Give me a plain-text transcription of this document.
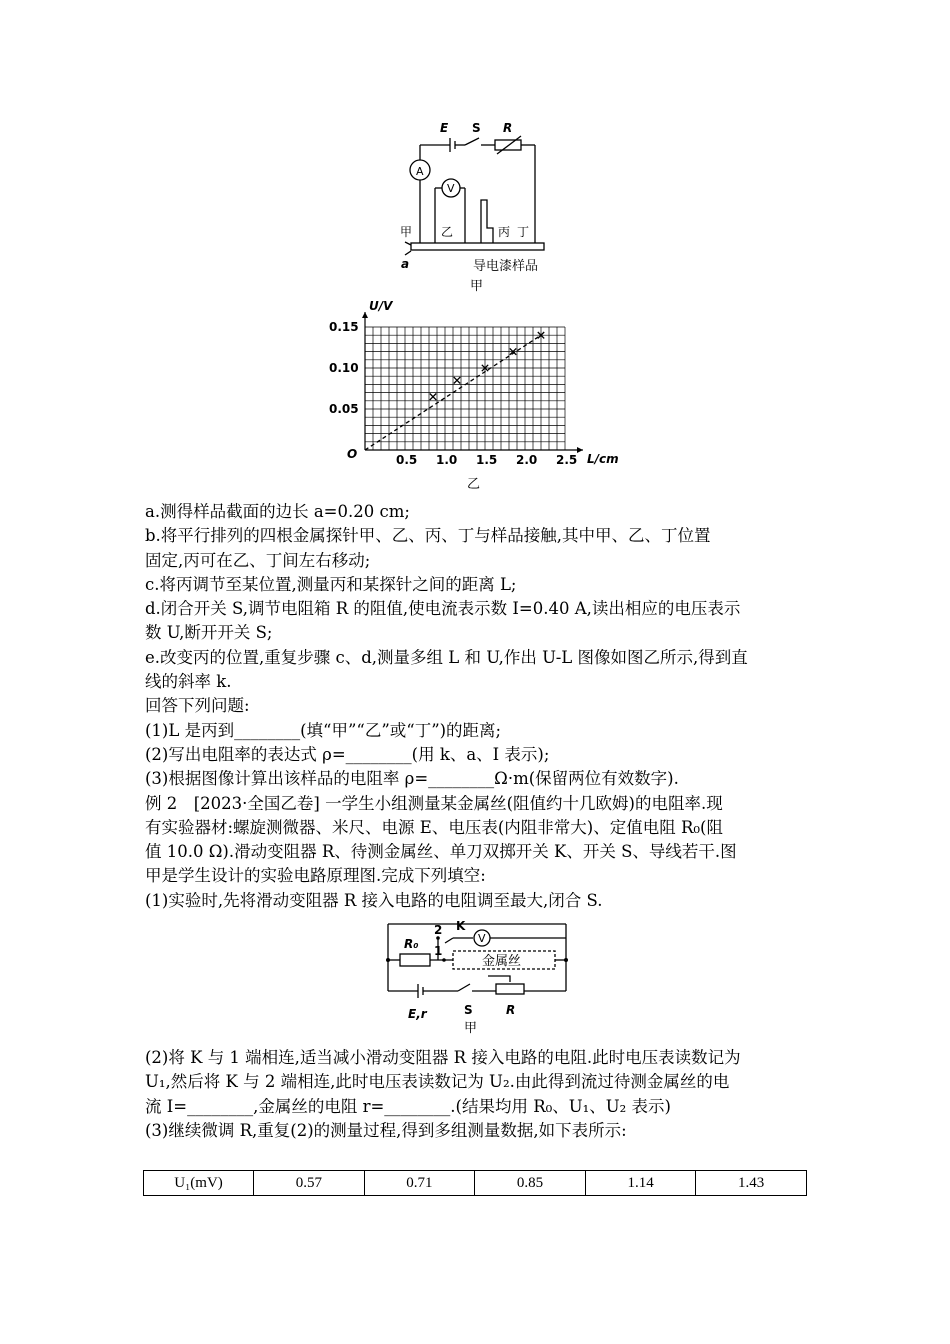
E S R
A
V
甲 乙	丙 丁
a	导电漆样品
甲
0.5 1.0 1.5 2.0 2.5
0.05
0.10
0.15
U/V
L/cm
O
乙
a.测得样品截面的边长 a=0.20 cm;
b.将平行排列的四根金属探针甲、乙、丙、丁与样品接触,其中甲、乙、丁位置
固定,丙可在乙、丁间左右移动;
c.将丙调节至某位置,测量丙和某探针之间的距离 L;
d.闭合开关 S,调节电阻箱 R 的阻值,使电流表示数 I=0.40 A,读出相应的电压表示
数 U,断开开关 S;
e.改变丙的位置,重复步骤 c、d,测量多组 L 和 U,作出 U-L 图像如图乙所示,得到直
线的斜率 k.
回答下列问题:
(1)L 是丙到________(填“甲”“乙”或“丁”)的距离;
(2)写出电阻率的表达式 ρ=________(用 k、a、I 表示);
(3)根据图像计算出该样品的电阻率 ρ=________Ω·m(保留两位有效数字).
例 2　[2023·全国乙卷] 一学生小组测量某金属丝(阻值约十几欧姆)的电阻率.现
有实验器材:螺旋测微器、米尺、电源 E、电压表(内阻非常大)、定值电阻 R₀(阻
值 10.0 Ω).滑动变阻器 R、待测金属丝、单刀双掷开关 K、开关 S、导线若干.图
甲是学生设计的实验电路原理图.完成下列填空:
(1)实验时,先将滑动变阻器 R 接入电路的电阻调至最大,闭合 S.
R₀
2
1
K
V
金属丝
E,r	S	R
甲
(2)将 K 与 1 端相连,适当减小滑动变阻器 R 接入电路的电阻.此时电压表读数记为
U₁,然后将 K 与 2 端相连,此时电压表读数记为 U₂.由此得到流过待测金属丝的电
流 I=________,金属丝的电阻 r=________.(结果均用 R₀、U₁、U₂ 表示)
(3)继续微调 R,重复(2)的测量过程,得到多组测量数据,如下表所示:
U₁(mV)	0.57	0.71	0.85	1.14	1.43
